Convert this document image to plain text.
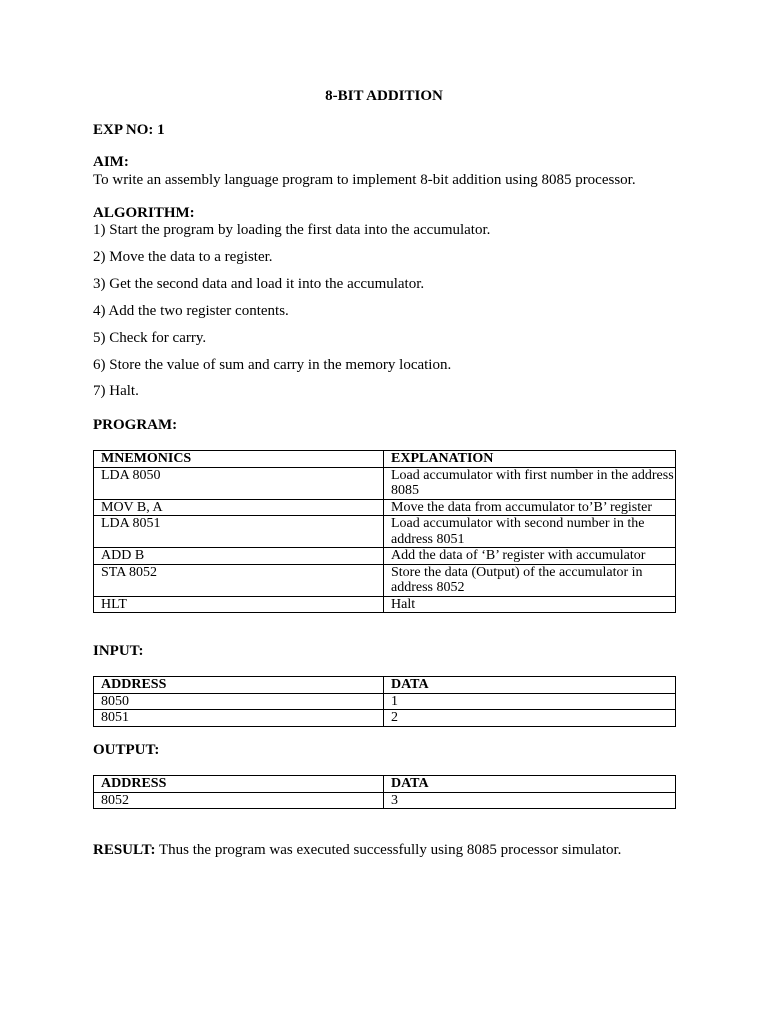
8-BIT ADDITION
EXP NO: 1
AIM:
To write an assembly language program to implement 8-bit addition using 8085 processor.
ALGORITHM:
1) Start the program by loading the first data into the accumulator.
2) Move the data to a register.
3) Get the second data and load it into the accumulator.
4) Add the two register contents.
5) Check for carry.
6) Store the value of sum and carry in the memory location.
7) Halt.
PROGRAM:
MNEMONICS	EXPLANATION
LDA 8050	Load accumulator with first number in the address 8085
MOV B, A	Move the data from accumulator to’B’ register
LDA 8051	Load accumulator with second number in the address 8051
ADD B	Add the data of ‘B’ register with accumulator
STA 8052	Store the data (Output) of the accumulator in address 8052
HLT	Halt
INPUT:
ADDRESS	DATA
8050	1
8051	2
OUTPUT:
ADDRESS	DATA
8052	3
RESULT: Thus the program was executed successfully using 8085 processor simulator.
